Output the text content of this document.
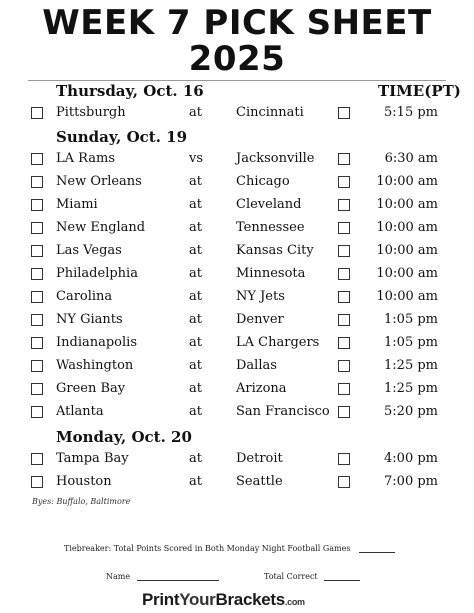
WEEK 7 PICK SHEET
2025
TIME(PT)
Thursday, Oct. 16
Pittsburgh	at	Cincinnati	5:15 pm
Sunday, Oct. 19
LA Rams	vs	Jacksonville	6:30 am
New Orleans	at	Chicago	10:00 am
Miami	at	Cleveland	10:00 am
New England	at	Tennessee	10:00 am
Las Vegas	at	Kansas City	10:00 am
Philadelphia	at	Minnesota	10:00 am
Carolina	at	NY Jets	10:00 am
NY Giants	at	Denver	1:05 pm
Indianapolis	at	LA Chargers	1:05 pm
Washington	at	Dallas	1:25 pm
Green Bay	at	Arizona	1:25 pm
Atlanta	at	San Francisco	5:20 pm
Monday, Oct. 20
Tampa Bay	at	Detroit	4:00 pm
Houston	at	Seattle	7:00 pm
Byes: Buffalo, Baltimore
Tiebreaker: Total Points Scored in Both Monday Night Football Games
Name	Total Correct
PrintYourBrackets.com
